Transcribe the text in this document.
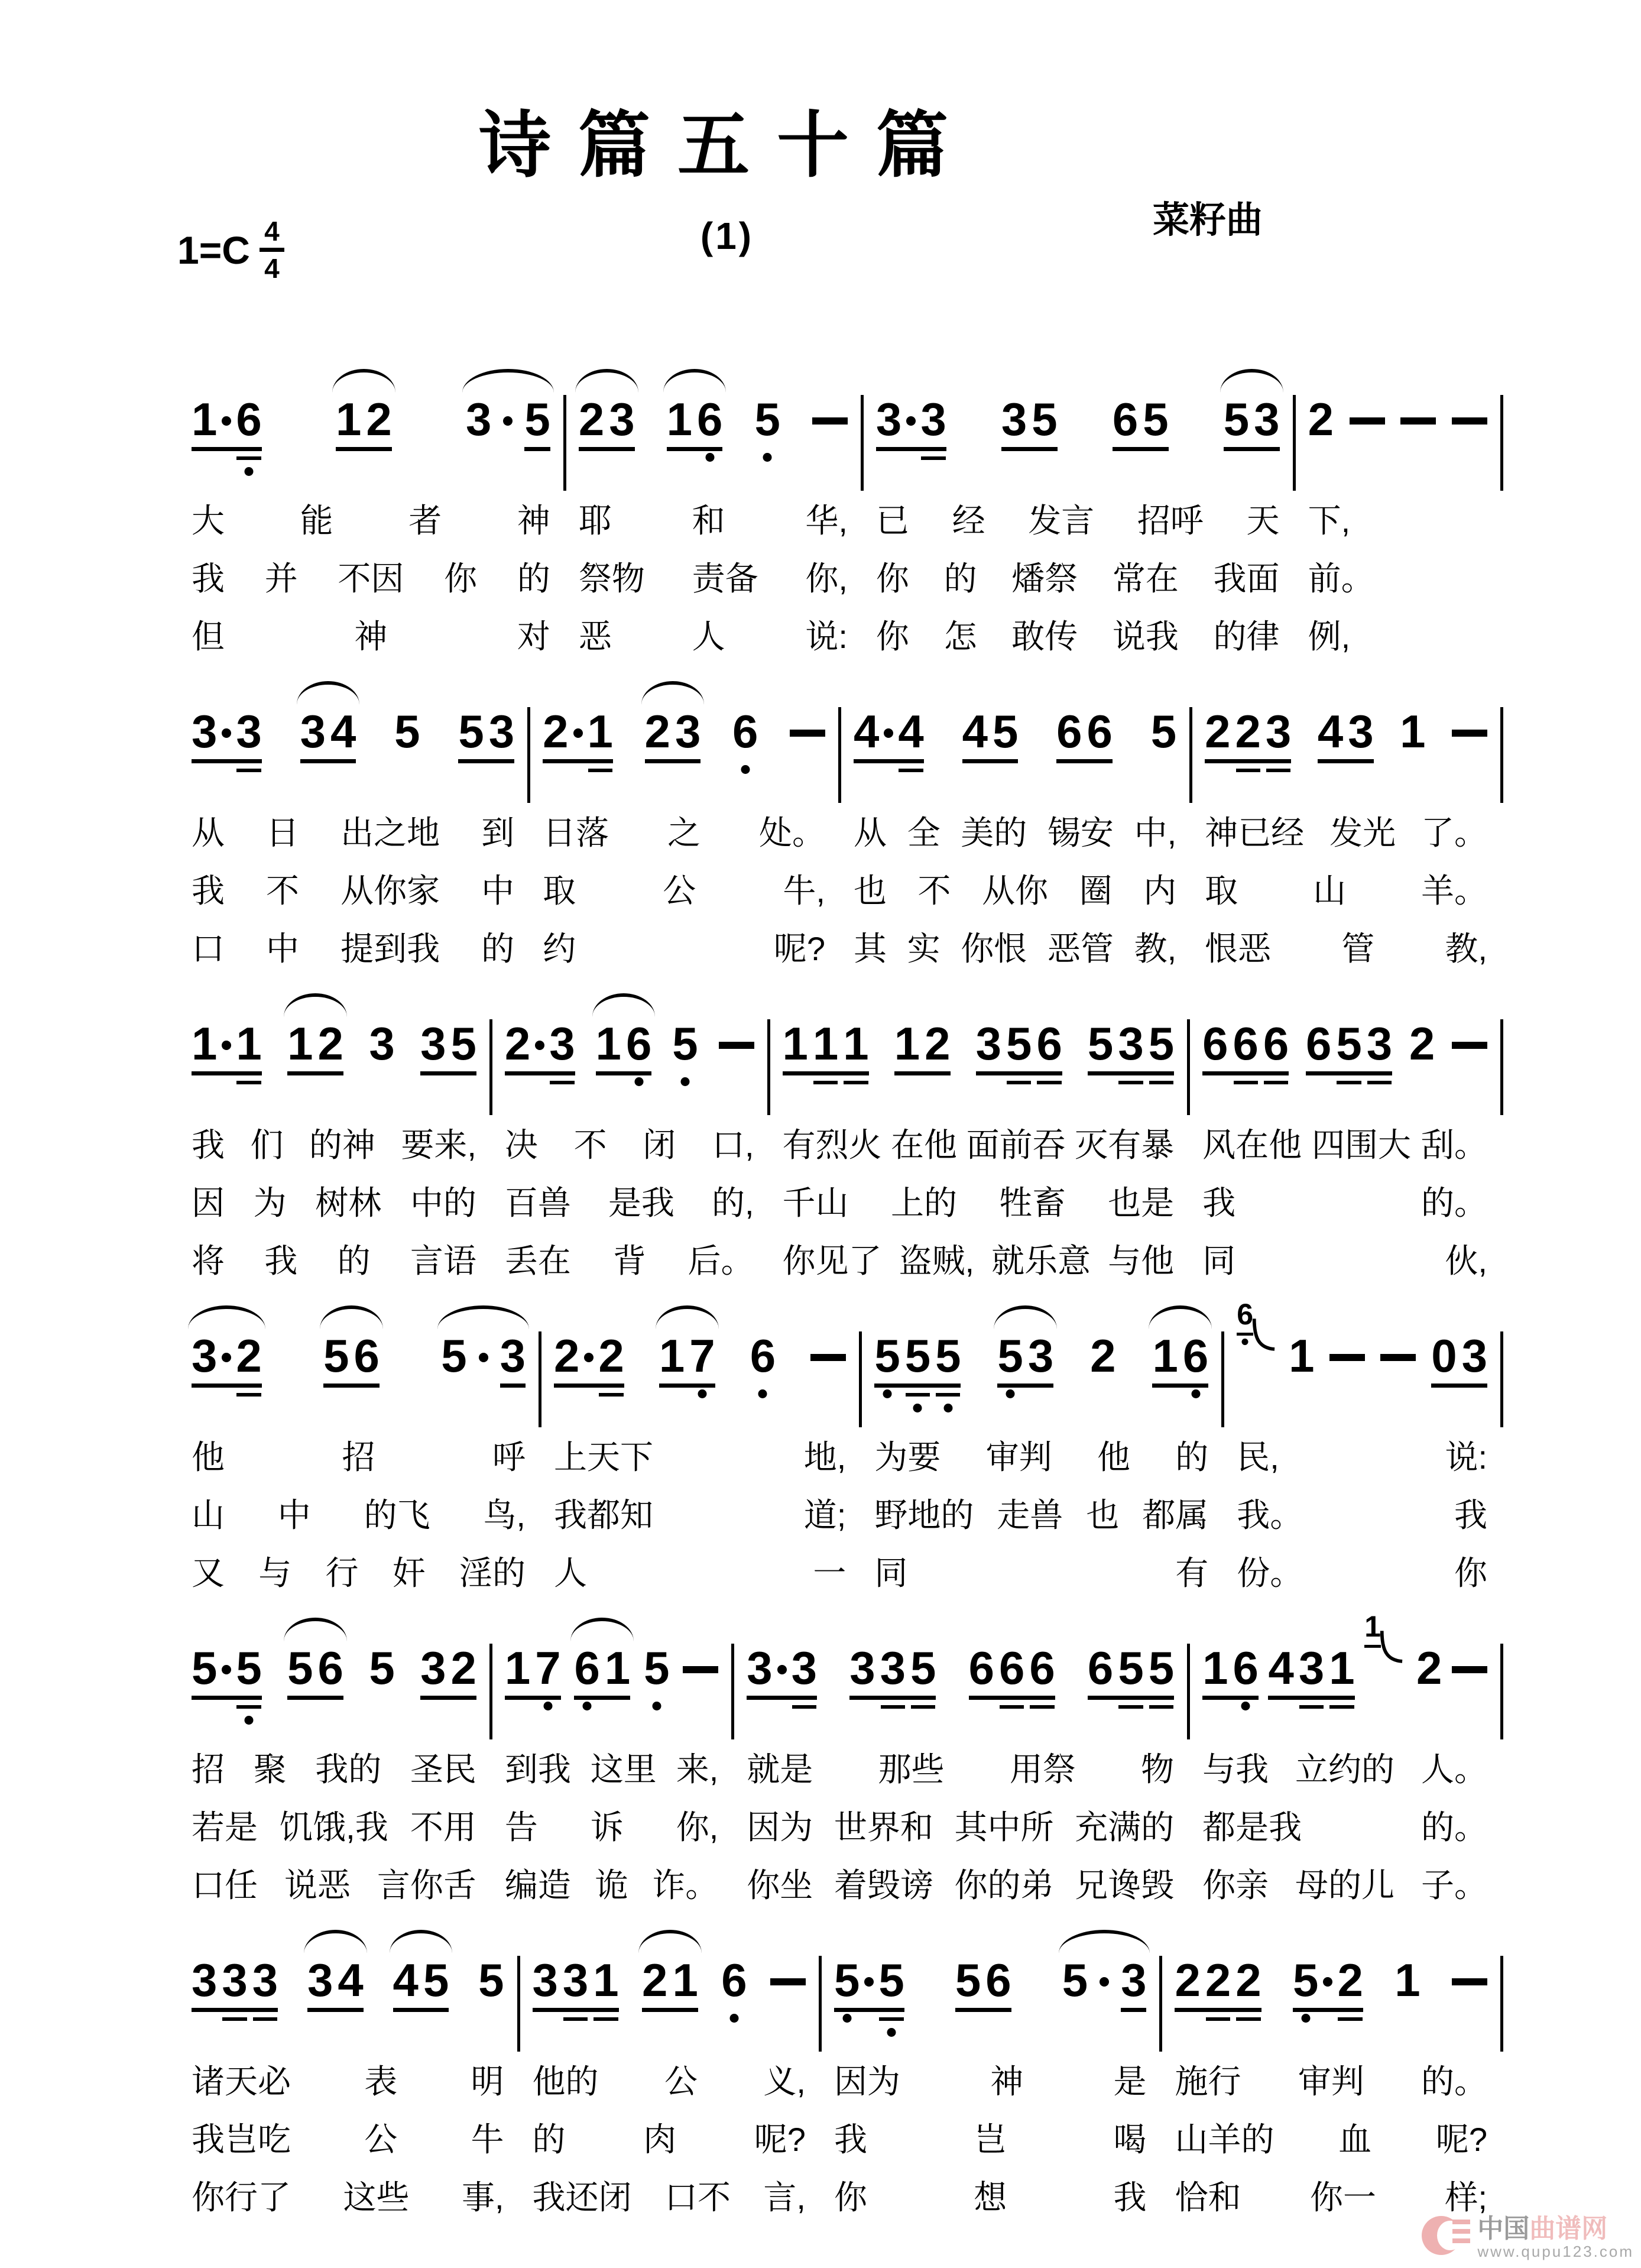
诗篇五十篇
菜籽曲
(1)
1=C 4
4
1 6 1 2 3 5
大 能 者 神
我 并 不因 你 的
但	神	对
2 3 1 6 5
耶 和 华,
祭物 责备 你,
恶 人 说:
3 3 3 5 6 5 5 3
已 经 发言 招呼 天
你 的 燔祭 常在 我面
你 怎 敢传 说我 的律
2
下,
前。
例,
3 3 3 4 5 5 3
从 日 出之地 到
我 不 从你家 中
口 中 提到我 的
2 1 2 3 6
日落 之 处。
取	公	牛,
约	呢?
4 4 4 5 6 6 5
从 全 美的 锡安 中,
也 不 从你 圈 内
其 实 你恨 恶管 教,
2 2 3 4 3 1
神已经 发光 了。
取 山 羊。
恨恶 管 教,
1 1 1 2 3 3 5
我 们 的神 要来,
因 为 树林 中的
将 我 的 言语
2 3 1 6 5
决 不 闭 口,
百兽 是我 的,
丢在 背 后。
1 1 1 1 2 3 5 6 5 3 5
有烈火 在他 面前吞 灭有暴
千山 上的 牲畜 也是
你见了 盗贼, 就乐意 与他
6 6 6 6 5 3 2
风在他 四围大 刮。
我	的。
同	伙,
3 2 5 6 5 3
他	招	呼
山 中 的飞 鸟,
又 与 行 奸 淫的
2 2 1 7 6
上天下	地,
我都知	道;
人	一
5 5 5 5 3 2 1 6
为要 审判 他 的
野地的 走兽 也 都属
同	有
6
1	0 3
民,	说:
我。	我
份。	你
5 5 5 6 5 3 2
招 聚 我的 圣民
若是 饥饿,我 不用
口任 说恶 言你舌
1 7 6 1 5
到我 这里 来,
告 诉 你,
编造 诡 诈。
3 3 3 3 5 6 6 6 6 5 5
就是 那些 用祭 物
因为 世界和 其中所 充满的
你坐 着毁谤 你的弟 兄谗毁
1 6 4 3 1
1
2
与我 立约的 人。
都是我	的。
你亲 母的儿 子。
3 3 3 3 4 4 5 5
诸天必 表 明
我岂吃 公 牛
你行了 这些 事,
3 3 1 2 1 6
他的 公 义,
的 肉 呢?
我还闭 口不 言,
5 5 5 6 5 3
因为	神	是
我	岂	喝
你	想	我
2 2 2 5 2 1
施行 审判 的。
山羊的 血 呢?
恰和 你一 样;
中国曲谱网
www.qupu123.com
